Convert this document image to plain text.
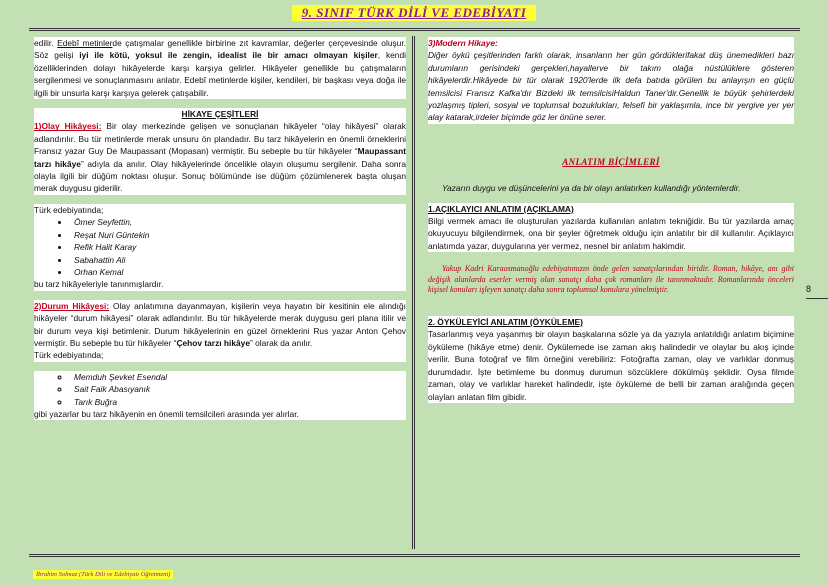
9. SINIF TÜRK DİLİ VE EDEBİYATI
edilir. Edebî metinlerde çatışmalar genellikle birbirine zıt kavramlar, değerler çerçevesinde oluşur. Söz gelişi iyi ile kötü, yoksul ile zengin, idealist ile bir amacı olmayan kişiler, kendi özelliklerinden dolayı hikâyelerde karşı karşıya gelirler. Hikâyeler genellikle bu çatışmaların sergilenmesi ve sonuçlanmasını anlatır. Edebî metinlerde kişiler, kendileri, bir başkası veya doğa ile ilgili bir unsurla karşı karşıya gelerek çatışabilir.
HİKAYE ÇEŞİTLERİ
1)Olay Hikâyesi: Bir olay merkezinde gelişen ve sonuçlanan hikâyeler “olay hikâyesi” olarak adlandırılır. Bu tür metinlerde merak unsuru ön plandadır. Bu tarz hikâyelerin en önemli örneklerini Fransız yazar Guy De Maupassant (Mopasan) vermiştir. Bu sebeple bu tür hikâyeler “Maupassant tarzı hikâye” adıyla da anılır. Olay hikâyelerinde öncelikle olayın oluşumu sergilenir. Daha sonra olayla ilgili bir düğüm noktası oluşur. Sonuç bölümünde ise düğüm çözümlenerek başta oluşan merak duygusu giderilir.
Türk edebiyatında;
• Ömer Seyfettin,
• Reşat Nuri Güntekin
• Refik Halit Karay
• Sabahattin Ali
• Orhan Kemal
bu tarz hikâyeleriyle tanınmışlardır.
2)Durum Hikâyesi: Olay anlatımına dayanmayan, kişilerin veya hayatın bir kesitinin ele alındığı hikâyeler “durum hikâyesi” olarak adlandırılır. Bu tür hikâyelerde merak duygusu geri plana itilir ve bir durum veya kişi betimlenir. Durum hikâyelerinin en güzel örneklerini Rus yazar Anton Çehov vermiştir. Bu sebeple bu tür hikâyeler “Çehov tarzı hikâye” olarak da anılır.
Türk edebiyatında;
◦ Memduh Şevket Esendal
◦ Sait Faik Abasıyanık
◦ Tarık Buğra
gibi yazarlar bu tarz hikâyenin en önemli temsilcileri arasında yer alırlar.
3)Modern Hikaye:
Diğer öykü çeşitlerinden farklı olarak, insanların her gün gördüklerifakat düş ünemedikleri bazı durumların gerisindeki gerçekleri,hayallerve bir takım olağa nüstülüklere gösteren hikâyelerdir.Hikâyede bir tür olarak 1920'lerde ilk defa batıda görülen bu anlayışın en güçlü temsilcisi Fransız Kafka'dır Bizdeki ilk temsilcisiHaldun Taner'dir.Genellik le büyük şehirlerdeki yozlaşmış tipleri, sosyal ve toplumsal bozuklukları, felsefi bir yaklaşımla, ince bir yergive yer yer alay katarak,irdeler biçimde göz ler önüne serer.
ANLATIM BİÇİMLERİ
Yazarın duygu ve düşüncelerini ya da bir olayı anlatırken kullandığı yöntemlerdir.
1.AÇIKLAYICI ANLATIM (AÇIKLAMA)
Bilgi vermek amacı ile oluşturulan yazılarda kullanılan anlatım tekniğidir. Bu tür yazılarda amaç okuyucuyu bilgilendirmek, ona bir şeyler öğretmek olduğu için anlatılır bir dil kullanılır. Açıklayıcı anlatımda yazar, duygularına yer vermez, nesnel bir anlatım hakimdir.
Yakup Kadri Karaosmanoğlu edebiyatımızın önde gelen sanatçılarından biridir. Roman, hikâye, anı gibi değişik alanlarda eserler vermiş olan sanatçı daha çok romanları ile tanınmaktadır. Romanlarında önceleri kişisel konuları işleyen sanatçı daha sonra toplumsal konulara yönelmiştir.
2. ÖYKÜLEYİCİ ANLATIM (ÖYKÜLEME)
Tasarlanmış veya yaşanmış bir olayın başkalarına sözle ya da yazıyla anlatıldığı anlatım biçimine öyküleme (hikâye etme) denir. Öykülemede ise zaman akış halindedir ve olaylar bu akış içinde verilir. Buna fotoğraf ve film örneğini verebiliriz: Fotoğrafta zaman, olay ve varlıklar donmuş durumdadır. İşte betimleme bu donmuş durumun sözcüklere dökülmüş şeklidir. Oysa filmde zaman, olay ve varlıklar hareket halindedir, işte öyküleme de belli bir zaman aralığında geçen olayları anlatan film gibidir.
8
İbrahim Solmaz (Türk Dili ve Edebiyatı Öğretmeni)
